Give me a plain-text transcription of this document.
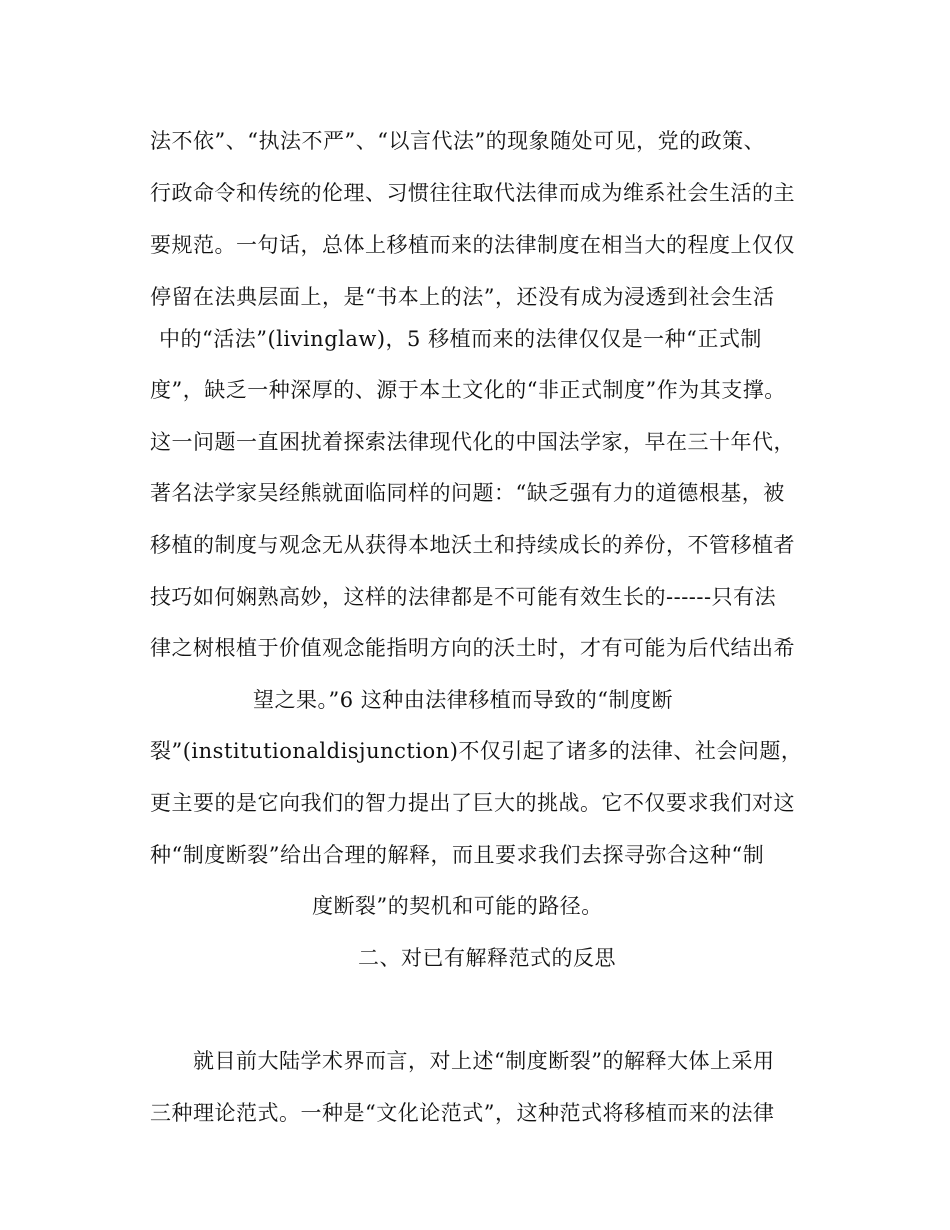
法不依”、“执法不严”、“以言代法”的现象随处可见，党的政策、
行政命令和传统的伦理、习惯往往取代法律而成为维系社会生活的主
要规范。一句话，总体上移植而来的法律制度在相当大的程度上仅仅
停留在法典层面上，是“书本上的法”，还没有成为浸透到社会生活
中的“活法”(livinglaw)，5 移植而来的法律仅仅是一种“正式制
度”，缺乏一种深厚的、源于本土文化的“非正式制度”作为其支撑。
这一问题一直困扰着探索法律现代化的中国法学家，早在三十年代，
著名法学家吴经熊就面临同样的问题：“缺乏强有力的道德根基，被
移植的制度与观念无从获得本地沃土和持续成长的养份，不管移植者
技巧如何娴熟高妙，这样的法律都是不可能有效生长的------只有法
律之树根植于价值观念能指明方向的沃土时，才有可能为后代结出希
望之果。”6 这种由法律移植而导致的“制度断
裂”(institutionaldisjunction)不仅引起了诸多的法律、社会问题，
更主要的是它向我们的智力提出了巨大的挑战。它不仅要求我们对这
种“制度断裂”给出合理的解释，而且要求我们去探寻弥合这种“制
度断裂”的契机和可能的路径。
二、对已有解释范式的反思
就目前大陆学术界而言，对上述“制度断裂”的解释大体上采用
三种理论范式。一种是“文化论范式”，这种范式将移植而来的法律
